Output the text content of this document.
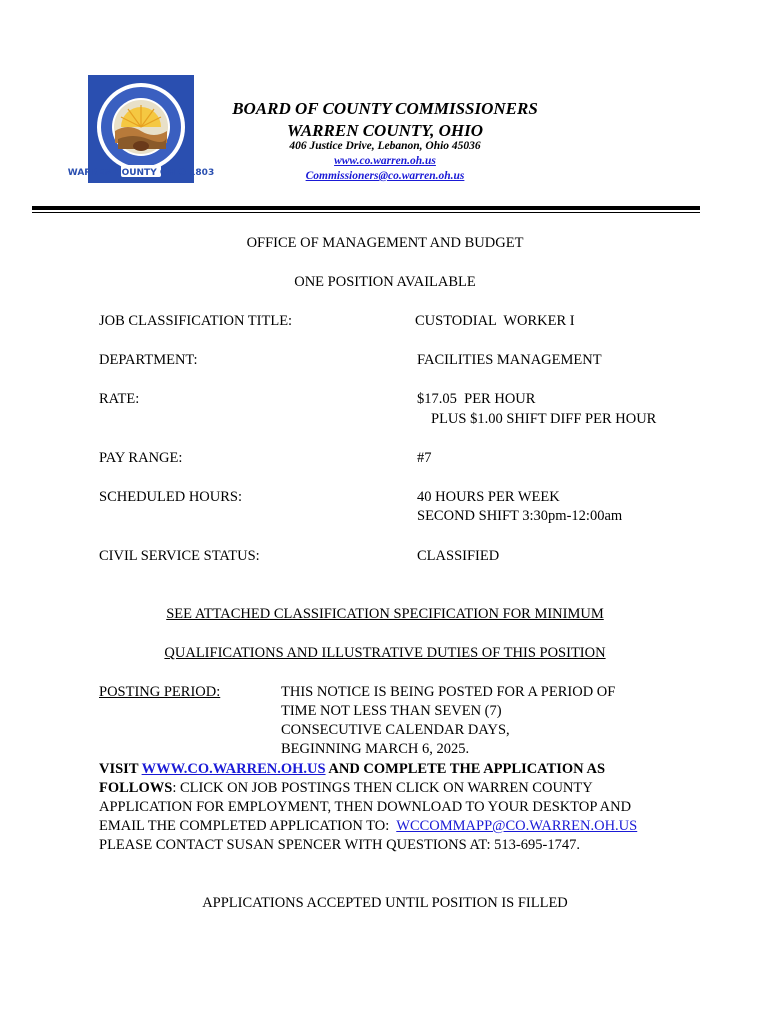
WARREN COUNTY OHIO 1803
BOARD OF COUNTY COMMISSIONERS
WARREN COUNTY, OHIO
406 Justice Drive, Lebanon, Ohio 45036
www.co.warren.oh.us
Commissioners@co.warren.oh.us
OFFICE OF MANAGEMENT AND BUDGET
ONE POSITION AVAILABLE
JOB CLASSIFICATION TITLE:	CUSTODIAL  WORKER I
DEPARTMENT:	FACILITIES MANAGEMENT
RATE:	$17.05  PER HOUR
PLUS $1.00 SHIFT DIFF PER HOUR
PAY RANGE:	#7
SCHEDULED HOURS:	40 HOURS PER WEEK
SECOND SHIFT 3:30pm-12:00am
CIVIL SERVICE STATUS:	CLASSIFIED
SEE ATTACHED CLASSIFICATION SPECIFICATION FOR MINIMUM
QUALIFICATIONS AND ILLUSTRATIVE DUTIES OF THIS POSITION
POSTING PERIOD:	THIS NOTICE IS BEING POSTED FOR A PERIOD OF
TIME NOT LESS THAN SEVEN (7)
CONSECUTIVE CALENDAR DAYS,
BEGINNING MARCH 6, 2025.
VISIT WWW.CO.WARREN.OH.US AND COMPLETE THE APPLICATION AS
FOLLOWS: CLICK ON JOB POSTINGS THEN CLICK ON WARREN COUNTY
APPLICATION FOR EMPLOYMENT, THEN DOWNLOAD TO YOUR DESKTOP AND
EMAIL THE COMPLETED APPLICATION TO:  WCCOMMAPP@CO.WARREN.OH.US
PLEASE CONTACT SUSAN SPENCER WITH QUESTIONS AT: 513-695-1747.
APPLICATIONS ACCEPTED UNTIL POSITION IS FILLED
